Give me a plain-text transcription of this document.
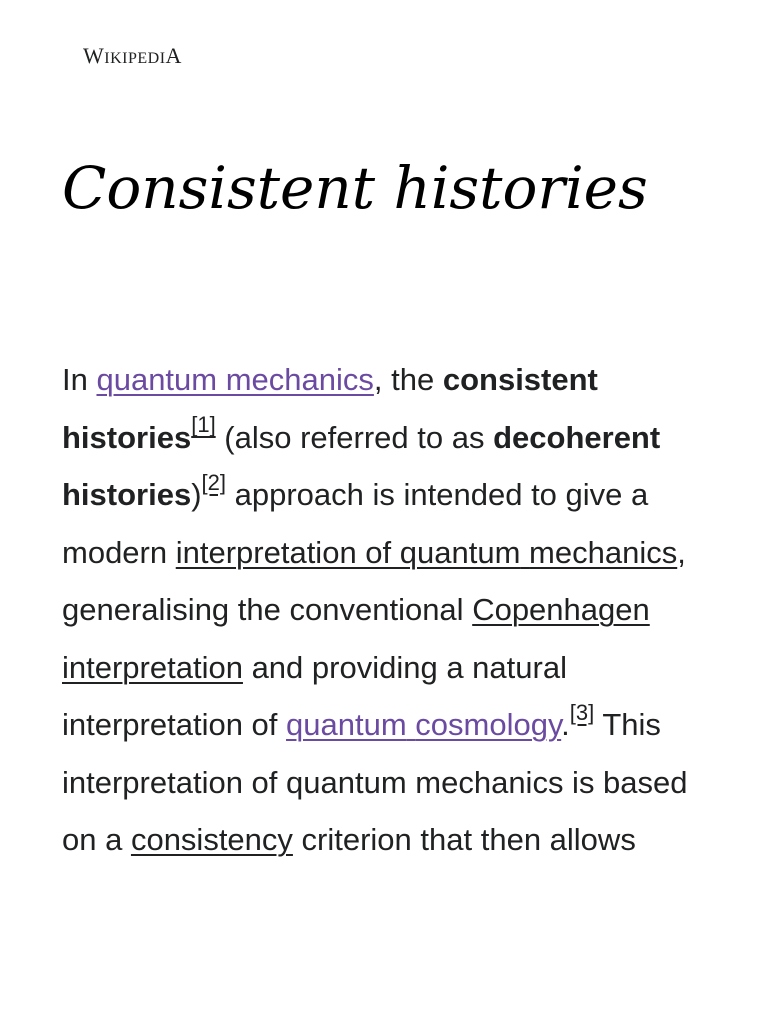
WIKIPEDIA
Consistent histories

In quantum mechanics, the consistent histories[1] (also referred to as decoherent histories)[2] approach is intended to give a modern interpretation of quantum mechanics, generalising the conventional Copenhagen interpretation and providing a natural interpretation of quantum cosmology.[3] This interpretation of quantum mechanics is based on a consistency criterion that then allows
